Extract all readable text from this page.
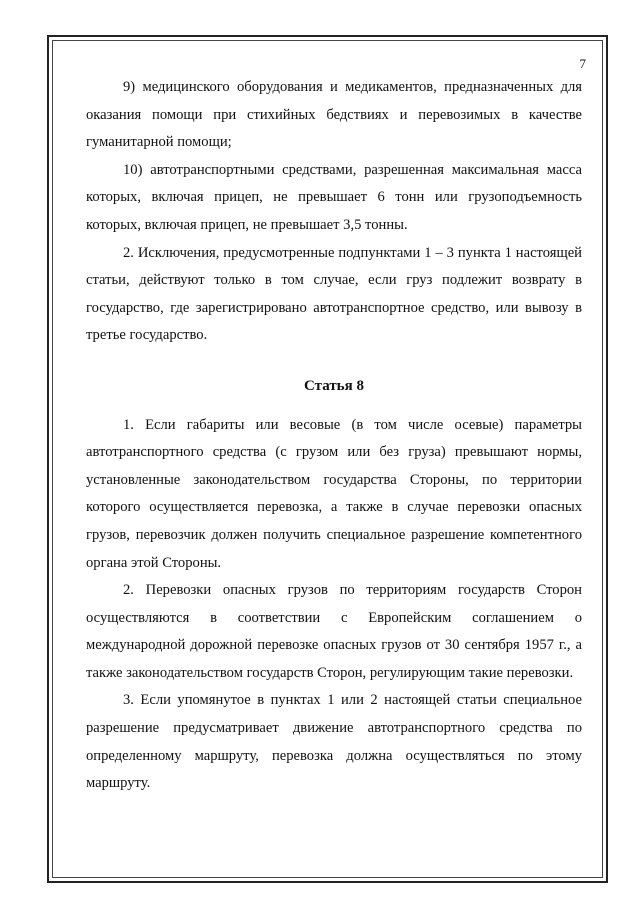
7

9) медицинского оборудования и медикаментов, предназначенных для оказания помощи при стихийных бедствиях и перевозимых в качестве гуманитарной помощи;

10) автотранспортными средствами, разрешенная максимальная масса которых, включая прицеп, не превышает 6 тонн или грузоподъемность которых, включая прицеп, не превышает 3,5 тонны.

2. Исключения, предусмотренные подпунктами 1 – 3 пункта 1 настоящей статьи, действуют только в том случае, если груз подлежит возврату в государство, где зарегистрировано автотранспортное средство, или вывозу в третье государство.

Статья 8

1. Если габариты или весовые (в том числе осевые) параметры автотранспортного средства (с грузом или без груза) превышают нормы, установленные законодательством государства Стороны, по территории которого осуществляется перевозка, а также в случае перевозки опасных грузов, перевозчик должен получить специальное разрешение компетентного органа этой Стороны.

2. Перевозки опасных грузов по территориям государств Сторон осуществляются в соответствии с Европейским соглашением о международной дорожной перевозке опасных грузов от 30 сентября 1957 г., а также законодательством государств Сторон, регулирующим такие перевозки.

3. Если упомянутое в пунктах 1 или 2 настоящей статьи специальное разрешение предусматривает движение автотранспортного средства по определенному маршруту, перевозка должна осуществляться по этому маршруту.
